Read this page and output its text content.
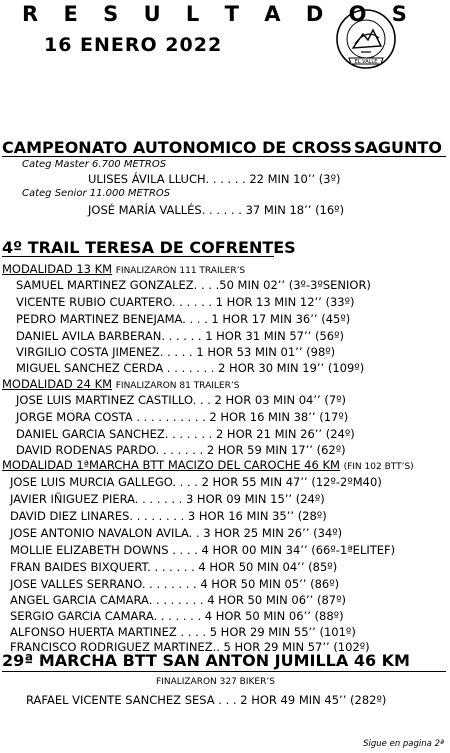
R E S U L T A D O S
16 ENERO 2022
EL VALLE
CAMPEONATO AUTONOMICO DE CROSS SAGUNTO
Categ Master 6.700 METROS
ULISES ÁVILA LLUCH. . . . . . 22 MIN 10’’ (3º)
Categ Senior 11.000 METROS
JOSÉ MARÍA VALLÉS. . . . . . 37 MIN 18’’ (16º)
4º TRAIL TERESA DE COFRENTES
MODALIDAD 13 KM FINALIZARON 111 TRAILER’S
SAMUEL MARTINEZ GONZALEZ. . . .50 MIN 02’’ (3º-3ºSENIOR)
VICENTE RUBIO CUARTERO. . . . . . 1 HOR 13 MIN 12’’ (33º)
PEDRO MARTINEZ BENEJAMA. . . . 1 HOR 17 MIN 36’’ (45º)
DANIEL AVILA BARBERAN. . . . . . 1 HOR 31 MIN 57’’ (56º)
VIRGILIO COSTA JIMENEZ. . . . . 1 HOR 53 MIN 01’’ (98º)
MIGUEL SANCHEZ CERDA . . . . . . . 2 HOR 30 MIN 19’’ (109º)
MODALIDAD 24 KM FINALIZARON 81 TRAILER’S
JOSE LUIS MARTINEZ CASTILLO. . . 2 HOR 03 MIN 04’’ (7º)
JORGE MORA COSTA . . . . . . . . . . 2 HOR 16 MIN 38’’ (17º)
DANIEL GARCIA SANCHEZ. . . . . . . 2 HOR 21 MIN 26’’ (24º)
DAVID RODENAS PARDO. . . . . . . 2 HOR 59 MIN 17’’ (62º)
MODALIDAD 1ªMARCHA BTT MACIZO DEL CAROCHE 46 KM (FIN 102 BTT’S)
JOSE LUIS MURCIA GALLEGO. . . . 2 HOR 55 MIN 47’’ (12º-2ºM40)
JAVIER IÑIGUEZ PIERA. . . . . . . 3 HOR 09 MIN 15’’ (24º)
DAVID DIEZ LINARES. . . . . . . . 3 HOR 16 MIN 35’’ (28º)
JOSE ANTONIO NAVALON AVILA. . 3 HOR 25 MIN 26’’ (34º)
MOLLIE ELIZABETH DOWNS . . . . 4 HOR 00 MIN 34’’ (66º-1ªELITEF)
FRAN BAIDES BIXQUERT. . . . . . . 4 HOR 50 MIN 04’’ (85º)
JOSE VALLES SERRANO. . . . . . . . 4 HOR 50 MIN 05’’ (86º)
ANGEL GARCIA CAMARA. . . . . . . . 4 HOR 50 MIN 06’’ (87º)
SERGIO GARCIA CAMARA. . . . . . . 4 HOR 50 MIN 06’’ (88º)
ALFONSO HUERTA MARTINEZ . . . . 5 HOR 29 MIN 55’’ (101º)
FRANCISCO RODRIGUEZ MARTINEZ.. 5 HOR 29 MIN 57’’ (102º)
29ª MARCHA BTT SAN ANTON JUMILLA 46 KM
FINALIZARON 327 BIKER’S
RAFAEL VICENTE SANCHEZ SESA . . . 2 HOR 49 MIN 45’’ (282º)
Sigue en pagina 2ª
